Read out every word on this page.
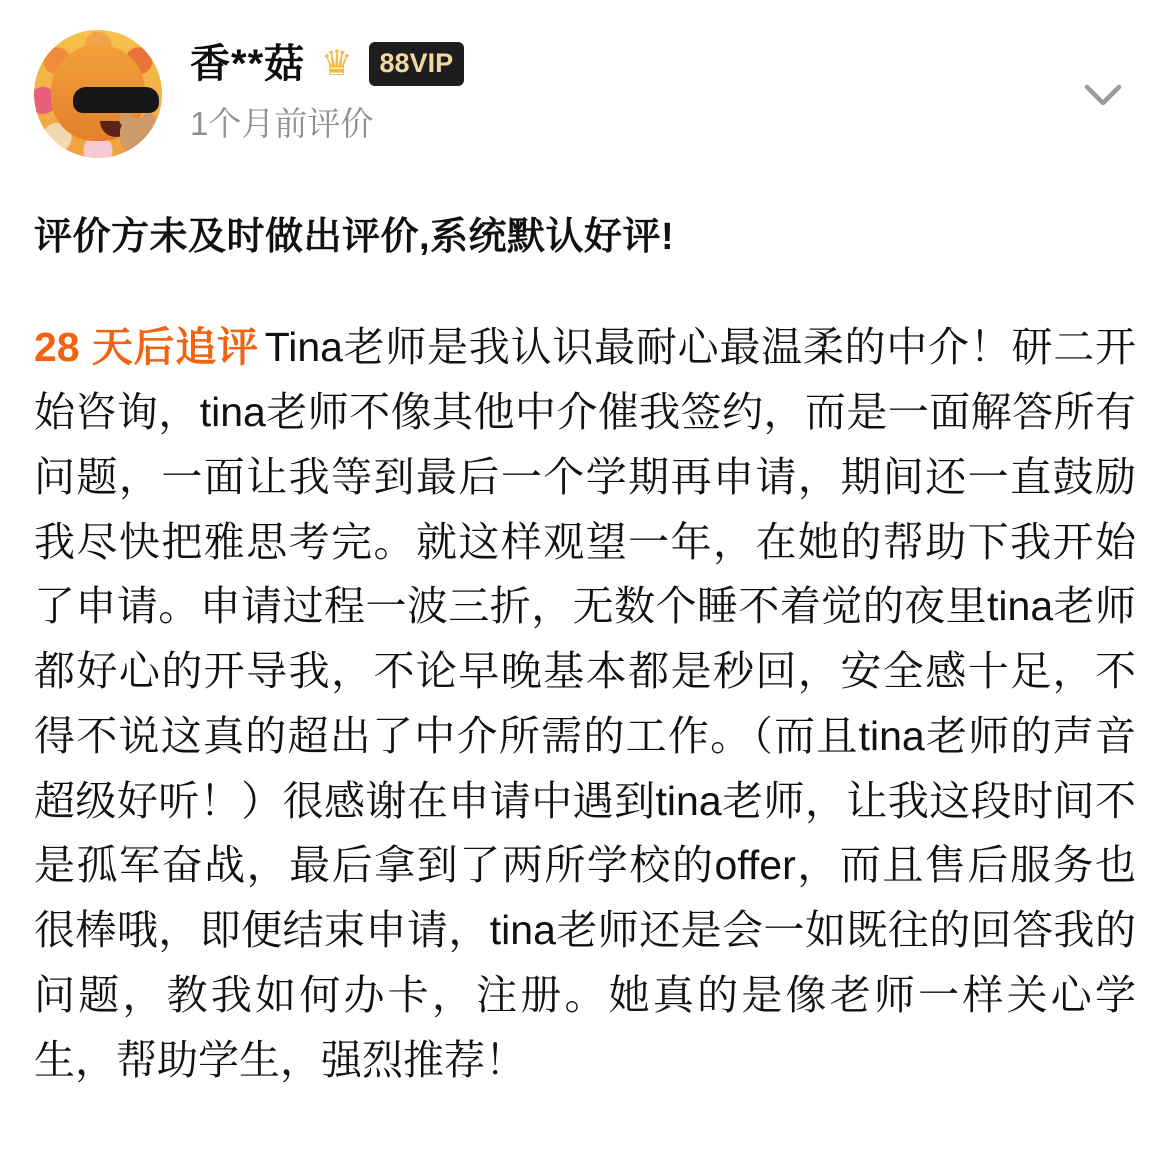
香**菇 ♛	88VIP
1个月前评价
评价方未及时做出评价,系统默认好评!
28 天后追评 Tina老师是我认识最耐心最温柔的中介！研二开始咨询，tina老师不像其他中介催我签约，而是一面解答所有问题，一面让我等到最后一个学期再申请，期间还一直鼓励我尽快把雅思考完。就这样观望一年，在她的帮助下我开始了申请。申请过程一波三折，无数个睡不着觉的夜里tina老师都好心的开导我，不论早晚基本都是秒回，安全感十足，不得不说这真的超出了中介所需的工作。（而且tina老师的声音超级好听！）很感谢在申请中遇到tina老师，让我这段时间不是孤军奋战，最后拿到了两所学校的offer，而且售后服务也很棒哦，即便结束申请，tina老师还是会一如既往的回答我的问题，教我如何办卡，注册。她真的是像老师一样关心学生，帮助学生，强烈推荐！
